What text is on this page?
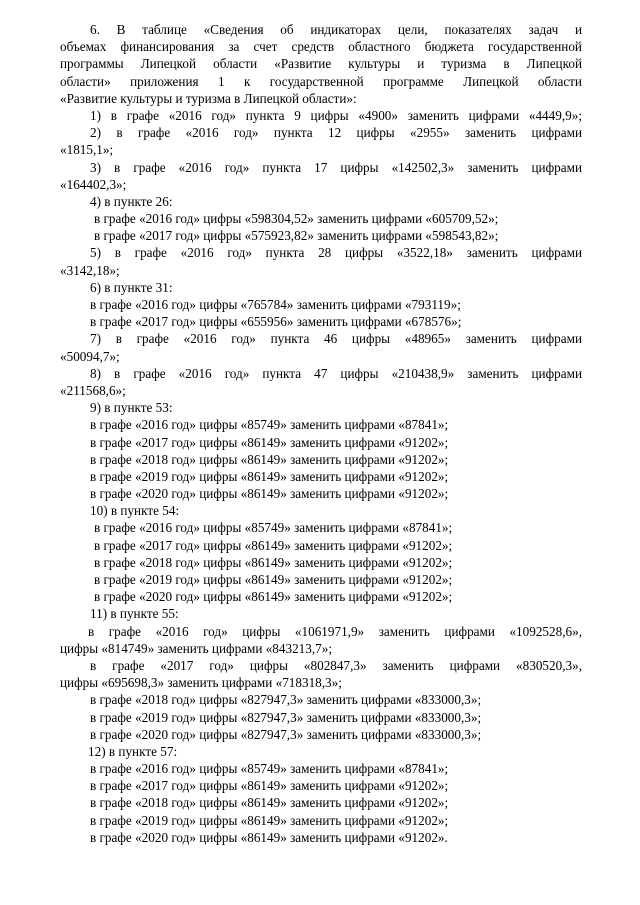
6. В таблице «Сведения об индикаторах цели, показателях задач и
объемах финансирования за счет средств областного бюджета государственной
программы Липецкой области «Развитие культуры и туризма в Липецкой
области» приложения 1 к государственной программе Липецкой области
«Развитие культуры и туризма в Липецкой области»:
1) в графе «2016 год» пункта 9 цифры «4900» заменить цифрами «4449,9»;
2) в графе «2016 год» пункта 12 цифры «2955» заменить цифрами
«1815,1»;
3) в графе «2016 год» пункта 17 цифры «142502,3» заменить цифрами
«164402,3»;
4) в пункте 26:
в графе «2016 год» цифры «598304,52» заменить цифрами «605709,52»;
в графе «2017 год» цифры «575923,82» заменить цифрами «598543,82»;
5) в графе «2016 год» пункта 28 цифры «3522,18» заменить цифрами
«3142,18»;
6) в пункте 31:
в графе «2016 год» цифры «765784» заменить цифрами «793119»;
в графе «2017 год» цифры «655956» заменить цифрами «678576»;
7) в графе «2016 год» пункта 46 цифры «48965» заменить цифрами
«50094,7»;
8) в графе «2016 год» пункта 47 цифры «210438,9» заменить цифрами
«211568,6»;
9) в пункте 53:
в графе «2016 год» цифры «85749» заменить цифрами «87841»;
в графе «2017 год» цифры «86149» заменить цифрами «91202»;
в графе «2018 год» цифры «86149» заменить цифрами «91202»;
в графе «2019 год» цифры «86149» заменить цифрами «91202»;
в графе «2020 год» цифры «86149» заменить цифрами «91202»;
10) в пункте 54:
в графе «2016 год» цифры «85749» заменить цифрами «87841»;
в графе «2017 год» цифры «86149» заменить цифрами «91202»;
в графе «2018 год» цифры «86149» заменить цифрами «91202»;
в графе «2019 год» цифры «86149» заменить цифрами «91202»;
в графе «2020 год» цифры «86149» заменить цифрами «91202»;
11) в пункте 55:
в графе «2016 год» цифры «1061971,9» заменить цифрами «1092528,6»,
цифры «814749» заменить цифрами «843213,7»;
в графе «2017 год» цифры «802847,3» заменить цифрами «830520,3»,
цифры «695698,3» заменить цифрами «718318,3»;
в графе «2018 год» цифры «827947,3» заменить цифрами «833000,3»;
в графе «2019 год» цифры «827947,3» заменить цифрами «833000,3»;
в графе «2020 год» цифры «827947,3» заменить цифрами «833000,3»;
12) в пункте 57:
в графе «2016 год» цифры «85749» заменить цифрами «87841»;
в графе «2017 год» цифры «86149» заменить цифрами «91202»;
в графе «2018 год» цифры «86149» заменить цифрами «91202»;
в графе «2019 год» цифры «86149» заменить цифрами «91202»;
в графе «2020 год» цифры «86149» заменить цифрами «91202».
